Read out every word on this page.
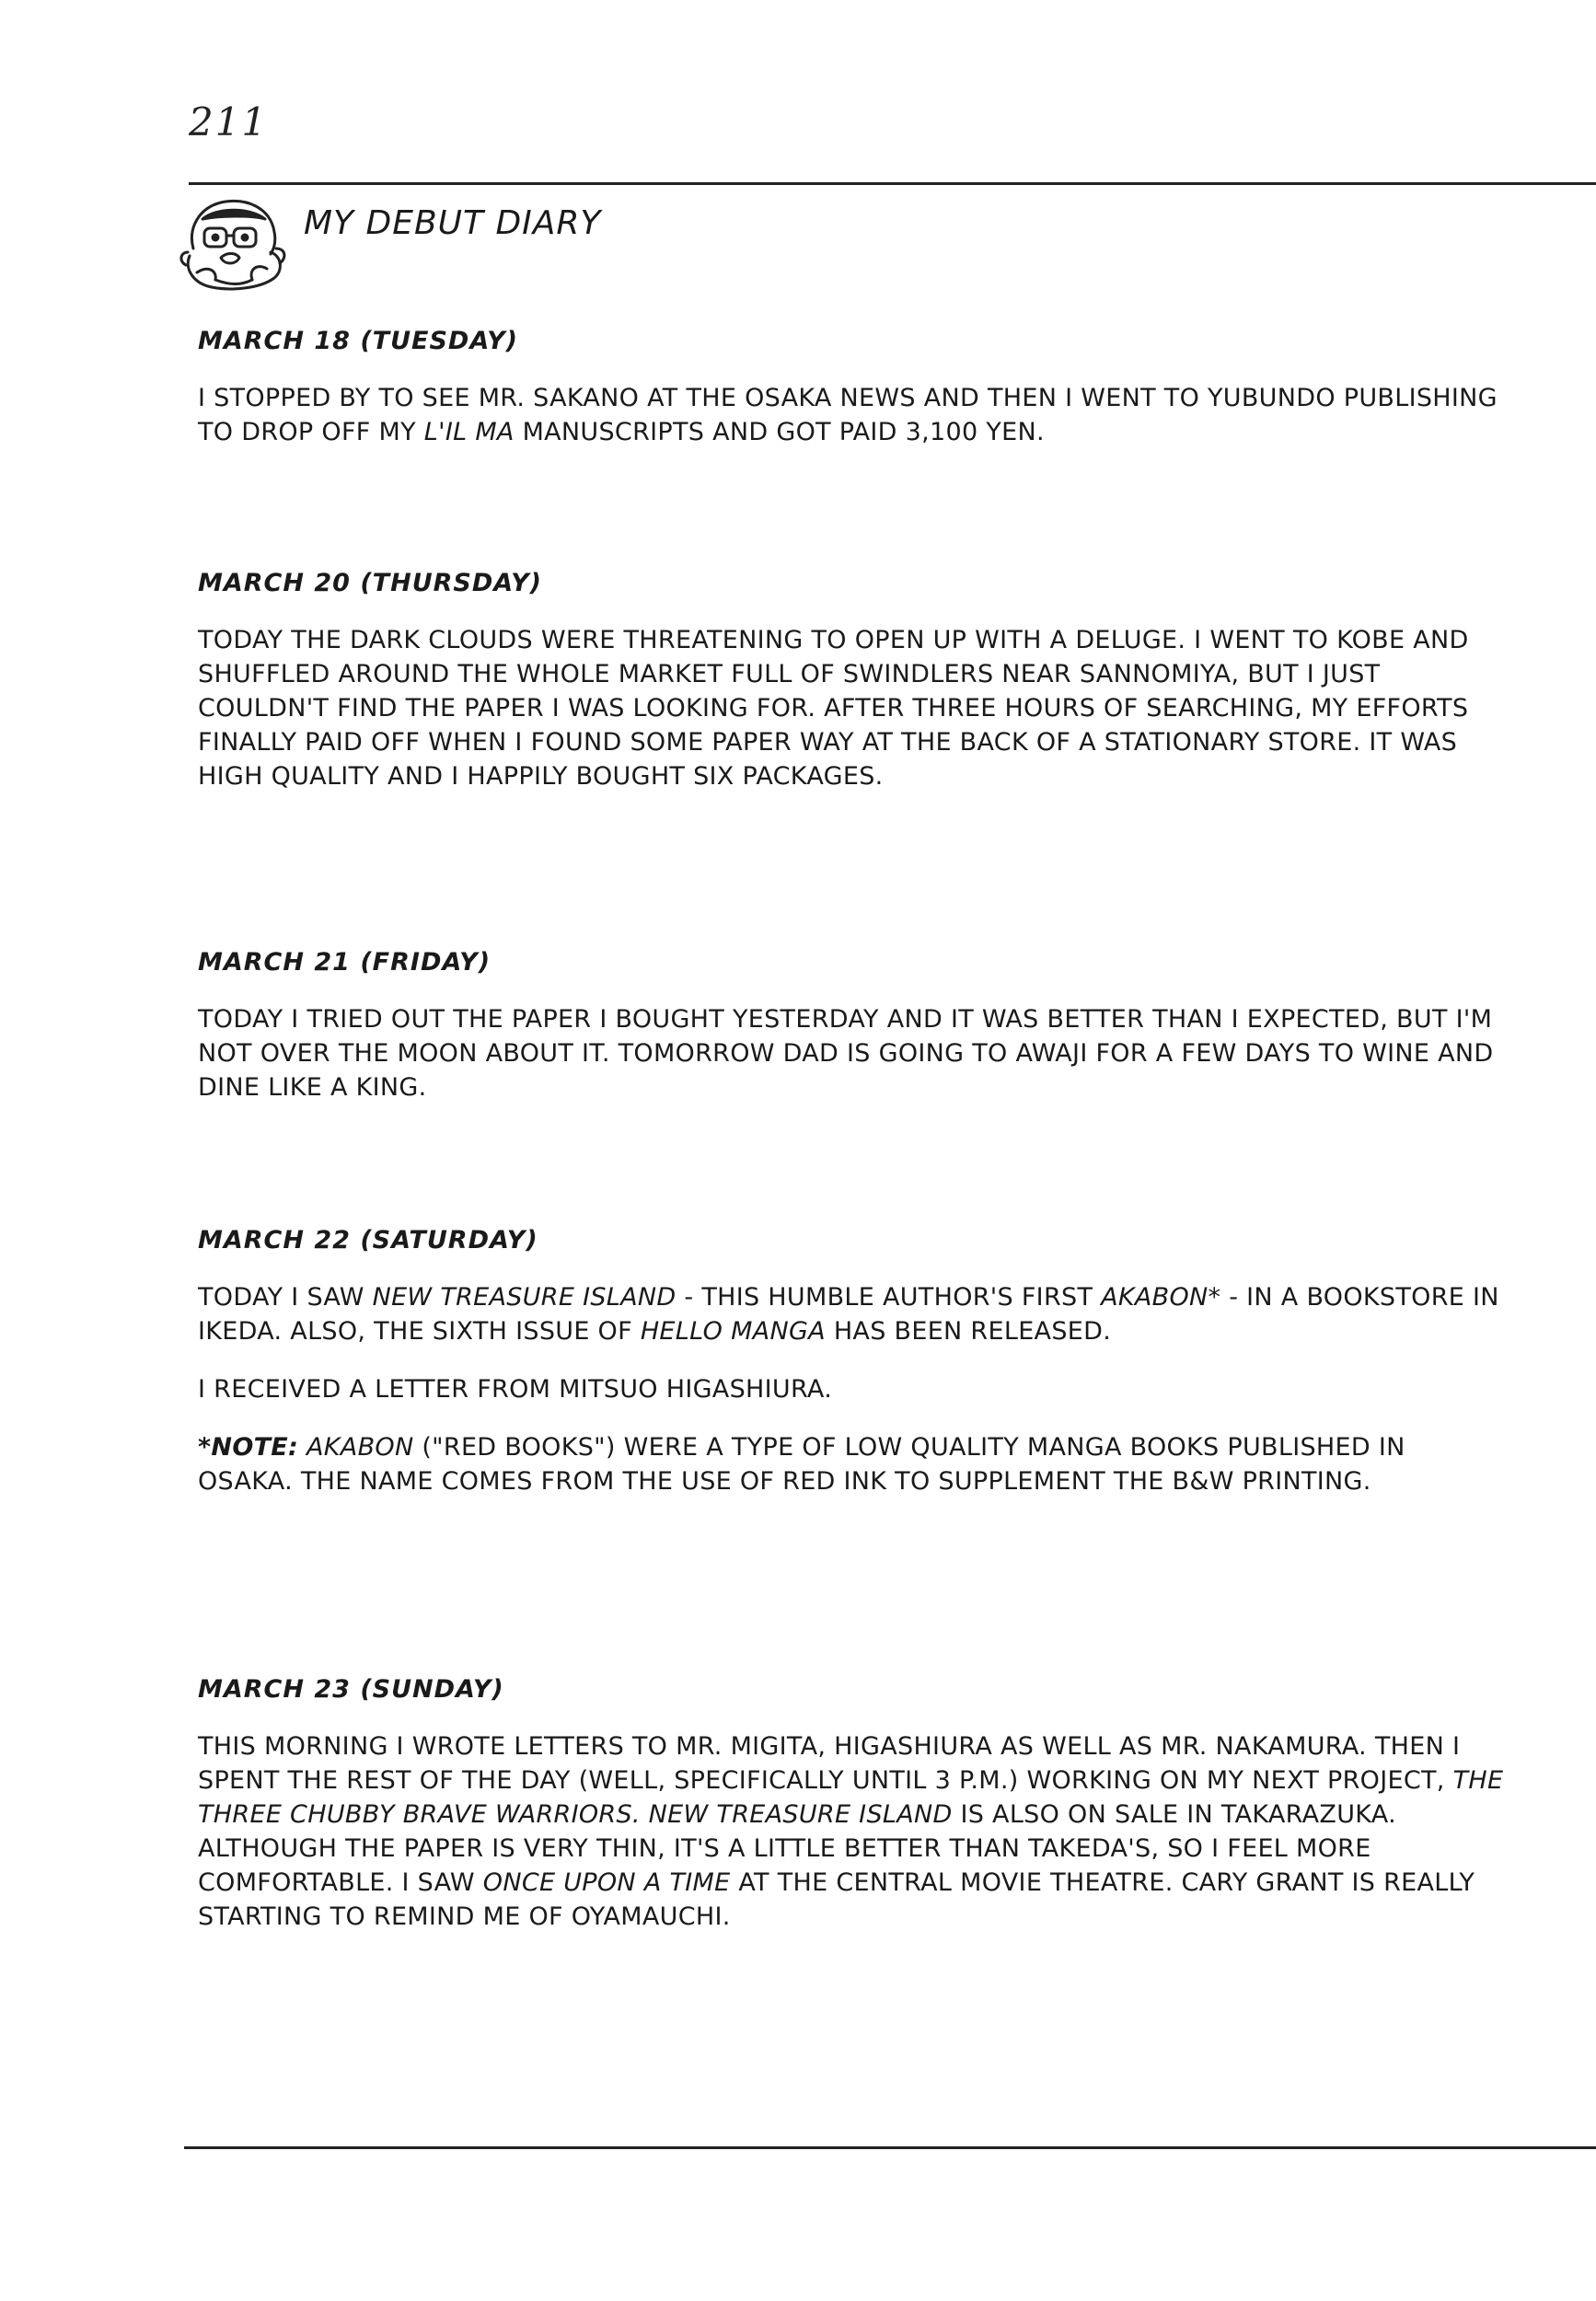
211
MY DEBUT DIARY
MARCH 18 (TUESDAY)
I STOPPED BY TO SEE MR. SAKANO AT THE OSAKA NEWS AND THEN I WENT TO YUBUNDO PUBLISHING TO DROP OFF MY L'IL MA MANUSCRIPTS AND GOT PAID 3,100 YEN.
MARCH 20 (THURSDAY)
TODAY THE DARK CLOUDS WERE THREATENING TO OPEN UP WITH A DELUGE. I WENT TO KOBE AND SHUFFLED AROUND THE WHOLE MARKET FULL OF SWINDLERS NEAR SANNOMIYA, BUT I JUST COULDN'T FIND THE PAPER I WAS LOOKING FOR. AFTER THREE HOURS OF SEARCHING, MY EFFORTS FINALLY PAID OFF WHEN I FOUND SOME PAPER WAY AT THE BACK OF A STATIONARY STORE. IT WAS HIGH QUALITY AND I HAPPILY BOUGHT SIX PACKAGES.
MARCH 21 (FRIDAY)
TODAY I TRIED OUT THE PAPER I BOUGHT YESTERDAY AND IT WAS BETTER THAN I EXPECTED, BUT I'M NOT OVER THE MOON ABOUT IT. TOMORROW DAD IS GOING TO AWAJI FOR A FEW DAYS TO WINE AND DINE LIKE A KING.
MARCH 22 (SATURDAY)
TODAY I SAW NEW TREASURE ISLAND - THIS HUMBLE AUTHOR'S FIRST AKABON* - IN A BOOKSTORE IN IKEDA. ALSO, THE SIXTH ISSUE OF HELLO MANGA HAS BEEN RELEASED.
I RECEIVED A LETTER FROM MITSUO HIGASHIURA.
*NOTE: AKABON ("RED BOOKS") WERE A TYPE OF LOW QUALITY MANGA BOOKS PUBLISHED IN OSAKA. THE NAME COMES FROM THE USE OF RED INK TO SUPPLEMENT THE B&W PRINTING.
MARCH 23 (SUNDAY)
THIS MORNING I WROTE LETTERS TO MR. MIGITA, HIGASHIURA AS WELL AS MR. NAKAMURA. THEN I SPENT THE REST OF THE DAY (WELL, SPECIFICALLY UNTIL 3 P.M.) WORKING ON MY NEXT PROJECT, THE THREE CHUBBY BRAVE WARRIORS. NEW TREASURE ISLAND IS ALSO ON SALE IN TAKARAZUKA. ALTHOUGH THE PAPER IS VERY THIN, IT'S A LITTLE BETTER THAN TAKEDA'S, SO I FEEL MORE COMFORTABLE. I SAW ONCE UPON A TIME AT THE CENTRAL MOVIE THEATRE. CARY GRANT IS REALLY STARTING TO REMIND ME OF OYAMAUCHI.
